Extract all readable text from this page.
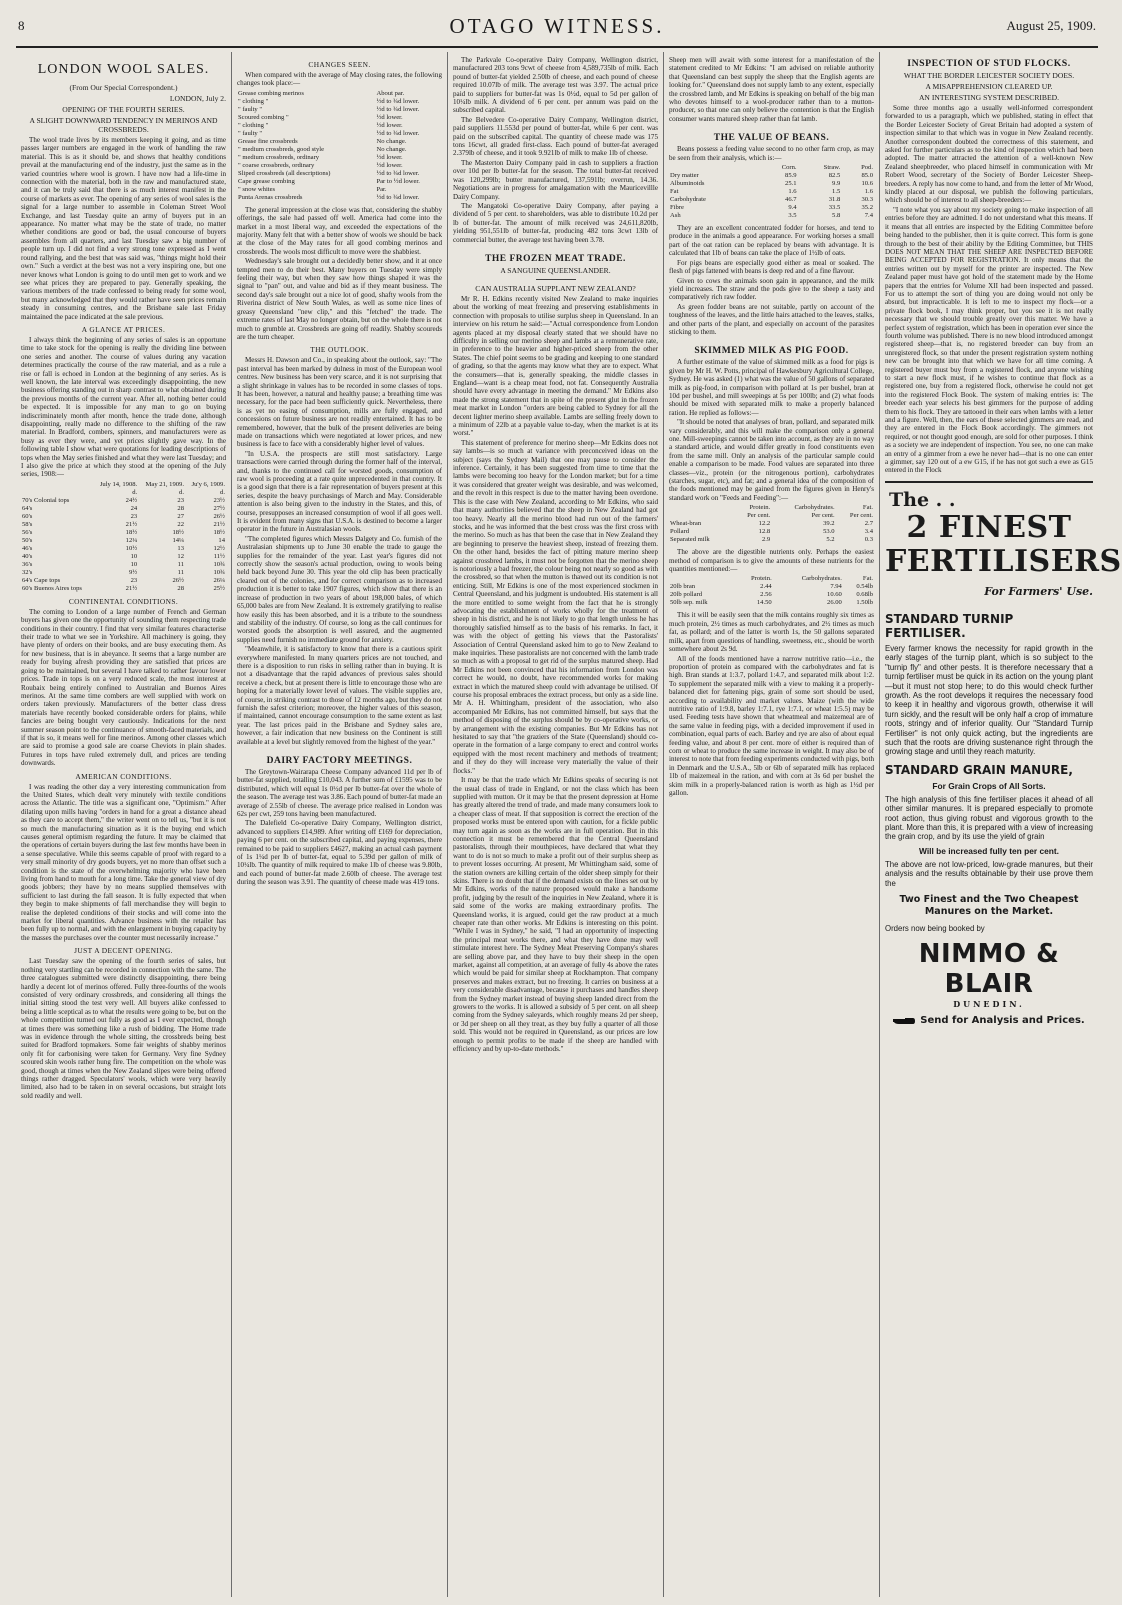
8	OTAGO WITNESS.	August 25, 1909.
LONDON WOOL SALES.
(From Our Special Correspondent.)
LONDON, July 2.
OPENING OF THE FOURTH SERIES.
A SLIGHT DOWNWARD TENDENCY IN MERINOS AND CROSSBREDS.

The wool trade lives by its members keeping it going, and as time passes larger numbers are engaged in the work of handling the raw material. This is as it should be, and shows that healthy conditions prevail at the manufacturing end of the industry, just the same as in the varied countries where wool is grown. I have now had a life-time in connection with the material, both in the raw and manufactured state, and it can be truly said that there is as much interest manifest in the course of markets as ever. The opening of any series of wool sales is the signal for a large number to assemble in Coleman Street Wool Exchange, and last Tuesday quite an army of buyers put in an appearance. No matter what may be the state of trade, no matter whether conditions are good or bad, the usual concourse of buyers assembles from all quarters, and last Tuesday saw a big number of people turn up. I did not find a very strong tone expressed as I went round rallying, and the best that was said was, "things might hold their own." Such a verdict at the best was not a very inspiring one, but one never knows what London is going to do until men get to work and we see what prices they are prepared to pay. Generally speaking, the various members of the trade confessed to being ready for some wool, but many acknowledged that they would rather have seen prices remain steady in consuming centres, and the Brisbane sale last Friday maintained the pace indicated at the sale previous.

A GLANCE AT PRICES.

I always think the beginning of any series of sales is an opportune time to take stock for the opening is really the dividing line between one series and another. The course of values during any vacation determines practically the course of the raw material, and as a rule a rise or fall is echoed in London at the beginning of any series. As is well known, the late interval was exceedingly disappointing, the new business offering standing out in sharp contrast to what obtained during the previous months of the current year. After all, nothing better could be expected. It is impossible for any man to go on buying indiscriminately month after month, hence the trade done, although disappointing, really made no difference to the shifting of the raw material. In Bradford, combers, spinners, and manufacturers were as busy as ever they were, and yet prices slightly gave way. In the following table I show what were quotations for leading descriptions of tops when the May series finished and what they were last Tuesday; and I also give the price at which they stood at the opening of the July series, 1908:—

	July 14, 1908.	May 21, 1909.	Ju'y 6, 1909.
	d.	d.	d.
70's Colonial tops	24½	23	23½
64's	24	28	27½
60's	23	27	26½
58's	21½	22	21½
56's	18½	18½	18½
50's	12¼	14¼	14
46's	10½	13	12½
40's	10	12	11½
36's	10	11	10¾
32's	9½	11	10¾
64's Cape tops	23	26½	26¼
60's Buenos Aires tops	21½	28	25½
CONTINENTAL CONDITIONS.

The coming to London of a large number of French and German buyers has given one the opportunity of sounding them respecting trade conditions in their country. I find that very similar features characterise their trade to what we see in Yorkshire. All machinery is going, they have plenty of orders on their books, and are busy executing them. As for new business, that is in abeyance. It seems that a large number are ready for buying afresh providing they are satisfied that prices are going to be maintained, but several I have talked to rather favour lower prices. Trade in tops is on a very reduced scale, the most interest at Roubaix being entirely confined to Australian and Buenos Aires merinos. At the same time combers are well supplied with work on orders taken previously. Manufacturers of the better class dress materials have recently booked considerable orders for plains, while fancies are being bought very cautiously. Indications for the next summer season point to the continuance of smooth-faced materials, and if that is so, it means well for fine merinos. Among other classes which are said to promise a good sale are coarse Cheviots in plain shades. Futures in tops have ruled extremely dull, and prices are tending downwards.

AMERICAN CONDITIONS.

I was reading the other day a very interesting communication from the United States, which dealt very minutely with textile conditions across the Atlantic. The title was a significant one, "Optimism." After dilating upon mills having "orders in hand for a great a distance ahead as they care to accept them," the writer went on to tell us, "but it is not so much the manufacturing situation as it is the buying end which causes general optimism regarding the future. It may be claimed that the operations of certain buyers during the last few months have been in a sense speculative. While this seems capable of proof with regard to a very small minority of dry goods buyers, yet no more than offset such a condition is the state of the overwhelming majority who have been living from hand to mouth for a long time. Take the general view of dry goods jobbers; they have by no means supplied themselves with sufficient to last during the fall season. It is fully expected that when they begin to make shipments of fall merchandise they will begin to realise the depleted conditions of their stocks and will come into the market for liberal quantities. Advance business with the retailer has been fully up to normal, and with the enlargement in buying capacity by the masses the purchases over the counter must necessarily increase."

JUST A DECENT OPENING.

Last Tuesday saw the opening of the fourth series of sales, but nothing very startling can be recorded in connection with the same. The three catalogues submitted were distinctly disappointing, there being hardly a decent lot of merinos offered. Fully three-fourths of the wools consisted of very ordinary crossbreds, and considering all things the initial sitting stood the test very well. All buyers alike confessed to being a little sceptical as to what the results were going to be, but on the whole competition turned out fully as good as I ever expected, though at times there was something like a rush of bidding. The Home trade was in evidence through the whole sitting, the crossbreds being best suited for Bradford topmakers. Some fair weights of shabby merinos only fit for carbonising were taken for Germany. Very fine Sydney scoured skin wools rather hung fire. The competition on the whole was good, though at times when the New Zealand slipes were being offered things rather dragged. Speculators' wools, which were very heavily limited, also had to be taken in on several occasions, but straight lots sold readily and well.

CHANGES SEEN.

When compared with the average of May closing rates, the following changes took place:—

Grease combing merinos	About par.
" clothing "	½d to ¾d lower.
" faulty "	½d to ¾d lower.
Scoured combing "	½d lower.
" clothing "	½d lower.
" faulty "	½d to ¾d lower.
Grease fine crossbreds	No change.
" medium crossbreds, good style	No change.
" medium crossbreds, ordinary	½d lower.
" coarse crossbreds, ordinary	½d lower.
Sliped crossbreds (all descriptions)	½d to ¾d lower.
Cape grease combing	Par to ½d lower.
" snow whites	Par.
Punta Arenas crossbreds	½d to ¾d lower.

The general impression at the close was that, considering the shabby offerings, the sale had passed off well. America had come into the market in a most liberal way, and exceeded the expectations of the majority. Many felt that with a better show of wools we should be back at the close of the May rates for all good combing merinos and crossbreds. The wools most difficult to move were the shabbiest.

Wednesday's sale brought out a decidedly better show, and it at once tempted men to do their best. Many buyers on Tuesday were simply feeling their way, but when they saw how things shaped it was the signal to "pan" out, and value and bid as if they meant business. The second day's sale brought out a nice lot of good, shafty wools from the Riverina district of New South Wales, as well as some nice lines of greasy Queensland "new clip," and this "fetched" the trade. The extreme rates of last May no longer obtain, but on the whole there is not much to grumble at. Crossbreds are going off readily. Shabby scoureds are the turn cheaper.

THE OUTLOOK.

Messrs H. Dawson and Co., in speaking about the outlook, say: "The past interval has been marked by dulness in most of the European wool centres. New business has been very scarce, and it is not surprising that a slight shrinkage in values has to be recorded in some classes of tops. It has been, however, a natural and healthy pause; a breathing time was necessary, for the pace had been sufficiently quick. Nevertheless, there is as yet no easing of consumption, mills are fully engaged, and concessions on future business are not readily entertained. It has to be remembered, however, that the bulk of the present deliveries are being made on transactions which were negotiated at lower prices, and new business is face to face with a considerably higher level of values.

"In U.S.A. the prospects are still most satisfactory. Large transactions were carried through during the former half of the interval, and, thanks to the continued call for worsted goods, consumption of raw wool is proceeding at a rate quite unprecedented in that country. It is a good sign that there is a fair representation of buyers present at this series, despite the heavy purchasings of March and May. Considerable attention is also being given to the industry in the States, and this, of course, presupposes an increased consumption of wool if all goes well. It is evident from many signs that U.S.A. is destined to become a larger operator in the future in Australasian wools.

"The completed figures which Messrs Dalgety and Co. furnish of the Australasian shipments up to June 30 enable the trade to gauge the supplies for the remainder of the year. Last year's figures did not correctly show the season's actual production, owing to wools being held back beyond June 30. This year the old clip has been practically cleared out of the colonies, and for correct comparison as to increased production it is better to take 1907 figures, which show that there is an increase of production in two years of about 198,000 bales, of which 65,000 bales are from New Zealand. It is extremely gratifying to realise how easily this has been absorbed, and it is a tribute to the soundness and stability of the industry. Of course, so long as the call continues for worsted goods the absorption is well assured, and the augmented supplies need furnish no immediate ground for anxiety.

"Meanwhile, it is satisfactory to know that there is a cautious spirit everywhere manifested. In many quarters prices are not touched, and there is a disposition to run risks in selling rather than in buying. It is not a disadvantage that the rapid advances of previous sales should receive a check, but at present there is little to encourage those who are hoping for a materially lower level of values. The visible supplies are, of course, in striking contrast to those of 12 months ago, but they do not furnish the safest criterion; moreover, the higher values of this season, if maintained, cannot encourage consumption to the same extent as last year. The last prices paid in the Brisbane and Sydney sales are, however, a fair indication that new business on the Continent is still available at a level but slightly removed from the highest of the year."

DAIRY FACTORY MEETINGS.

The Greytown-Wairarapa Cheese Company advanced 11d per lb of butter-fat supplied, totalling £10,043. A further sum of £1595 was to be distributed, which will equal 1s 0½d per lb butter-fat over the whole of the season. The average test was 3.86. Each pound of butter-fat made an average of 2.55lb of cheese. The average price realised in London was 62s per cwt, 259 tons having been manufactured.

The Dalefield Co-operative Dairy Company, Wellington district, advanced to suppliers £14,989. After writing off £169 for depreciation, paying 6 per cent. on the subscribed capital, and paying expenses, there remained to be paid to suppliers £4627, making an actual cash payment of 1s 1¼d per lb of butter-fat, equal to 5.39d per gallon of milk of 10¼lb. The quantity of milk required to make 1lb of cheese was 9.80lb, and each pound of butter-fat made 2.60lb of cheese. The average test during the season was 3.91. The quantity of cheese made was 419 tons.

The Parkvale Co-operative Dairy Company, Wellington district, manufactured 203 tons 9cwt of cheese from 4,589,735lb of milk. Each pound of butter-fat yielded 2.50lb of cheese, and each pound of cheese required 10.07lb of milk. The average test was 3.97. The actual price paid to suppliers for butter-fat was 1s 0½d, equal to 5d per gallon of 10¼lb milk. A dividend of 6 per cent. per annum was paid on the subscribed capital.

The Belvedere Co-operative Dairy Company, Wellington district, paid suppliers 11.553d per pound of butter-fat, while 6 per cent. was paid on the subscribed capital. The quantity of cheese made was 175 tons 16cwt, all graded first-class. Each pound of butter-fat averaged 2.379lb of cheese, and it took 9.921lb of milk to make 1lb of cheese.

The Masterton Dairy Company paid in cash to suppliers a fraction over 10d per lb butter-fat for the season. The total butter-fat received was 120,299lb; butter manufactured, 137,591lb; overrun, 14.36. Negotiations are in progress for amalgamation with the Mauricevillle Dairy Company.

The Mangatoki Co-operative Dairy Company, after paying a dividend of 5 per cent. to shareholders, was able to distribute 10.2d per lb of butter-fat. The amount of milk received was 24,611,820lb, yielding 951,551lb of butter-fat, producing 482 tons 3cwt 13lb of commercial butter, the average test having been 3.78.

THE FROZEN MEAT TRADE.
A SANGUINE QUEENSLANDER.
CAN AUSTRALIA SUPPLANT NEW ZEALAND?

Mr R. H. Edkins recently visited New Zealand to make inquiries about the working of meat freezing and preserving establishments in connection with proposals to utilise surplus sheep in Queensland. In an interview on his return he said:—"Actual correspondence from London agents placed at my disposal clearly stated that we should have no difficulty in selling our merino sheep and lambs at a remunerative rate, in preference to the heavier and higher-priced sheep from the other States. The chief point seems to be grading and keeping to one standard of grading, so that the agents may know what they are to expect. What the consumers—that is, generally speaking, the middle classes in England—want is a cheap meat food, not fat. Consequently Australia should have every advantage in meeting the demand." Mr Edkins also made the strong statement that in spite of the present glut in the frozen meat market in London "orders are being cabled to Sydney for all the decent lighter merino sheep available. Lambs are selling freely down to a minimum of 22lb at a payable value to-day, when the market is at its worst."

This statement of preference for merino sheep—Mr Edkins does not say lambs—is so much at variance with preconceived ideas on the subject (says the Sydney Mail) that one may pause to consider the inference. Certainly, it has been suggested from time to time that the lambs were becoming too heavy for the London market; but for a time it was considered that greater weight was desirable, and was welcomed, and the revolt in this respect is due to the matter having been overdone. This is the case with New Zealand, according to Mr Edkins, who said that many authorities believed that the sheep in New Zealand had got too heavy. Nearly all the merino blood had run out of the farmers' stocks, and he was informed that the best cross was the first cross with the merino. So much as has that been the case that in New Zealand they are beginning to preserve the heaviest sheep, instead of freezing them. On the other hand, besides the fact of pitting mature merino sheep against crossbred lambs, it must not be forgotten that the merino sheep is notoriously a bad freezer, the colour being not nearly so good as with the crossbred, so that when the mutton is thawed out its condition is not enticing. Still, Mr Edkins is one of the most experienced stockmen in Central Queensland, and his judgment is undoubted. His statement is all the more entitled to some weight from the fact that he is strongly advocating the establishment of works wholly for the treatment of sheep in his district, and he is not likely to go that length unless he has thoroughly satisfied himself as to the basis of his remarks. In fact, it was with the object of getting his views that the Pastoralists' Association of Central Queensland asked him to go to New Zealand to make inquiries. These pastoralists are not concerned with the lamb trade so much as with a proposal to get rid of the surplus matured sheep. Had Mr Edkins not been convinced that his information from London was correct he would, no doubt, have recommended works for making extract in which the matured sheep could with advantage be utilised. Of course his proposal embraces the extract process, but only as a side line. Mr A. H. Whittingham, president of the association, who also accompanied Mr Edkins, has not committed himself, but says that the method of disposing of the surplus should be by co-operative works, or by arrangement with the existing companies. But Mr Edkins has not hesitated to say that "the graziers of the State (Queensland) should co-operate in the formation of a large company to erect and control works equipped with the most recent machinery and methods of treatment; and if they do they will increase very materially the value of their flocks."

It may be that the trade which Mr Edkins speaks of securing is not the usual class of trade in England, or not the class which has been supplied with mutton. Or it may be that the present depression at Home has greatly altered the trend of trade, and made many consumers look to a cheaper class of meat. If that supposition is correct the erection of the proposed works must be entered upon with caution, for a fickle public may turn again as soon as the works are in full operation. But in this connection it must be remembered that the Central Queensland pastoralists, through their mouthpieces, have declared that what they want to do is not so much to make a profit out of their surplus sheep as to prevent losses occurring. At present, Mr Whittingham said, some of the station owners are killing certain of the older sheep simply for their skins. There is no doubt that if the demand exists on the lines set out by Mr Edkins, works of the nature proposed would make a handsome profit, judging by the result of the inquiries in New Zealand, where it is said some of the works are making extraordinary profits. The Queensland works, it is argued, could get the raw product at a much cheaper rate than other works. Mr Edkins is interesting on this point. "While I was in Sydney," he said, "I had an opportunity of inspecting the principal meat works there, and what they have done may well stimulate interest here. The Sydney Meat Preserving Company's shares are selling above par, and they have to buy their sheep in the open market, against all competition, at an average of fully 4s above the rates which would be paid for similar sheep at Rockhampton. That company preserves and makes extract, but no freezing. It carries on business at a very considerable disadvantage, because it purchases and handles sheep from the Sydney market instead of buying sheep landed direct from the growers to the works. It is allowed a subsidy of 5 per cent. on all sheep coming from the Sydney saleyards, which roughly means 2d per sheep, or 3d per sheep on all they treat, as they buy fully a quarter of all those sold. This would not be required in Queensland, as our prices are low enough to permit profits to be made if the sheep are handled with efficiency and by up-to-date methods."

Sheep men will await with some interest for a manifestation of the statement credited to Mr Edkins: "I am advised on reliable authority that Queensland can best supply the sheep that the English agents are looking for." Queensland does not supply lamb to any extent, especially the crossbred lamb, and Mr Edkins is speaking on behalf of the big man who devotes himself to a wool-producer rather than to a mutton-producer, so that one can only believe the contention is that the English consumer wants matured sheep rather than fat lamb.

THE VALUE OF BEANS.

Beans possess a feeding value second to no other farm crop, as may be seen from their analysis, which is:—

	Corn.	Straw.	Pod.
Dry matter	85.9	82.5	85.0
Albuminoids	25.1	9.9	10.6
Fat	1.6	1.5	1.6
Carbohydrate	46.7	31.8	30.3
Fibre	9.4	33.5	35.2
Ash	3.5	5.8	7.4

They are an excellent concentrated fodder for horses, and tend to produce in the animals a good appearance. For working horses a small part of the oat ration can be replaced by beans with advantage. It is calculated that 1lb of beans can take the place of 1½lb of oats.

For pigs beans are especially good either as meal or soaked. The flesh of pigs fattened with beans is deep red and of a fine flavour.

Given to cows the animals soon gain in appearance, and the milk yield increases. The straw and the pods give to the sheep a tasty and comparatively rich raw fodder.

As green fodder beans are not suitable, partly on account of the toughness of the leaves, and the little hairs attached to the leaves, stalks, and other parts of the plant, and especially on account of the parasites sticking to them.

SKIMMED MILK AS PIG FOOD.

A further estimate of the value of skimmed milk as a food for pigs is given by Mr H. W. Potts, principal of Hawkesbury Agricultural College, Sydney. He was asked (1) what was the value of 50 gallons of separated milk as pig-food, in comparison with pollard at 1s per bushel, bran at 10d per bushel, and mill sweepings at 5s per 100lb; and (2) what foods should be mixed with separated milk to make a properly balanced ration. He replied as follows:—

"It should be noted that analyses of bran, pollard, and separated milk vary considerably, and this will make the comparison only a general one. Mill-sweepings cannot be taken into account, as they are in no way a standard article, and would differ greatly in food constituents even from the same mill. Only an analysis of the particular sample could enable a comparison to be made. Food values are separated into three classes—viz., protein (or the nitrogenous portion), carbohydrates (starches, sugar, etc), and fat; and a general idea of the composition of the foods mentioned may be gained from the figures given in Henry's standard work on "Feeds and Feeding":—

	Protein.	Carbohydrates.	Fat.
	Per cent.	Per cent.	Per cent.
Wheat-bran	12.2	39.2	2.7
Pollard	12.8	53.0	3.4
Separated milk	2.9	5.2	0.3

The above are the digestible nutrients only. Perhaps the easiest method of comparison is to give the amounts of these nutrients for the quantities mentioned:—

	Protein.	Carbohydrates.	Fat.
20lb bran	2.44	7.94	0.54lb
20lb pollard	2.56	10.60	0.68lb
50lb sep. milk	14.50	26.00	1.50lb

This it will be easily seen that the milk contains roughly six times as much protein, 2½ times as much carbohydrates, and 2½ times as much fat, as pollard; and of the latter is worth 1s, the 50 gallons separated milk, apart from questions of handling, sweetness, etc., should be worth somewhere about 2s 9d.

All of the foods mentioned have a narrow nutritive ratio—i.e., the proportion of protein as compared with the carbohydrates and fat is high. Bran stands at 1:3.7, pollard 1:4.7, and separated milk about 1:2. To supplement the separated milk with a view to making it a properly-balanced diet for fattening pigs, grain of some sort should be used, according to availability and market values. Maize (with the wide nutritive ratio of 1:9.8, barley 1:7.1, rye 1:7.1, or wheat 1:5.5) may be used. Feeding tests have shown that wheatmeal and maizemeal are of the same value in feeding pigs, with a decided improvement if used in combination, equal parts of each. Barley and rye are also of about equal feeding value, and about 8 per cent. more of either is required than of corn or wheat to produce the same increase in weight. It may also be of interest to note that from feeding experiments conducted with pigs, both in Denmark and the U.S.A., 5lb or 6lb of separated milk has replaced 1lb of maizemeal in the ration, and with corn at 3s 6d per bushel the skim milk in a properly-balanced ration is worth as high as 1½d per gallon.

INSPECTION OF STUD FLOCKS.
WHAT THE BORDER LEICESTER SOCIETY DOES.
A MISAPPREHENSION CLEARED UP.
AN INTERESTING SYSTEM DESCRIBED.

Some three months ago a usually well-informed correspondent forwarded to us a paragraph, which we published, stating in effect that the Border Leicester Society of Great Britain had adopted a system of inspection similar to that which was in vogue in New Zealand recently. Another correspondent doubted the correctness of this statement, and asked for further particulars as to the kind of inspection which had been adopted. The matter attracted the attention of a well-known New Zealand sheepbreeder, who placed himself in communication with Mr Robert Wood, secretary of the Society of Border Leicester Sheep-breeders. A reply has now come to hand, and from the letter of Mr Wood, kindly placed at our disposal, we publish the following particulars, which should be of interest to all sheep-breeders:—

"I note what you say about my society going to make inspection of all entries before they are admitted. I do not understand what this means. If it means that all entries are inspected by the Editing Committee before being handed to the publisher, then it is quite correct. This form is gone through to the best of their ability by the Editing Committee, but THIS DOES NOT MEAN THAT THE SHEEP ARE INSPECTED BEFORE BEING ACCEPTED FOR REGISTRATION. It only means that the entries written out by myself for the printer are inspected. The New Zealand paper must have got hold of the statement made by the Home papers that the entries for Volume XII had been inspected and passed. For us to attempt the sort of thing you are doing would not only be absurd, but impracticable. It is left to me to inspect my flock—or a private flock book, I may think proper, but you see it is not really necessary that we should trouble greatly over this matter. We have a perfect system of registration, which has been in operation ever since the fourth volume was published. There is no new blood introduced amongst registered sheep—that is, no registered breeder can buy from an unregistered flock, so that under the present registration system nothing new can be brought into that which we have for all time coming. A registered buyer must buy from a registered flock, and anyone wishing to start a new flock must, if he wishes to continue that flock as a registered one, buy from a registered flock, otherwise he could not get into the registered Flock Book. The system of making entries is: The breeder each year selects his best gimmers for the purpose of adding them to his flock. They are tattooed in their ears when lambs with a letter and a figure. Well, then, the ears of these selected gimmers are read, and they are entered in the Flock Book accordingly. The gimmers not required, or not thought good enough, are sold for other purposes. I think as a society we are independent of inspection. You see, no one can make an entry of a gimmer from a ewe he never had—that is no one can enter a gimmer, say 120 out of a ew G15, if he has not got such a ewe as G15 entered in the Flock

The . .
2 FINEST
FERTILISERS
For Farmers' Use.
STANDARD TURNIP FERTILISER.
Every farmer knows the necessity for rapid growth in the early stages of the turnip plant, which is so subject to the "turnip fly" and other pests. It is therefore necessary that a turnip fertiliser must be quick in its action on the young plant—but it must not stop here; to do this would check further growth. As the root develops it requires the necessary food to keep it in healthy and vigorous growth, otherwise it will turn sickly, and the result will be only half a crop of immature roots, stringy and of inferior quality. Our "Standard Turnip Fertiliser" is not only quick acting, but the ingredients are such that the roots are driving sustenance right through the growing stage and until they reach maturity.
STANDARD GRAIN MANURE,
For Grain Crops of All Sorts.
The high analysis of this fine fertiliser places it ahead of all other similar manures. It is prepared especially to promote root action, thus giving robust and vigorous growth to the plant. More than this, it is prepared with a view of increasing the grain crop, and by its use the yield of grain
Will be increased fully ten per cent.
The above are not low-priced, low-grade manures, but their analysis and the results obtainable by their use prove them the
Two Finest and the Two Cheapest Manures on the Market.
Orders now being booked by
NIMMO & BLAIR
DUNEDIN.
Send for Analysis and Prices.
